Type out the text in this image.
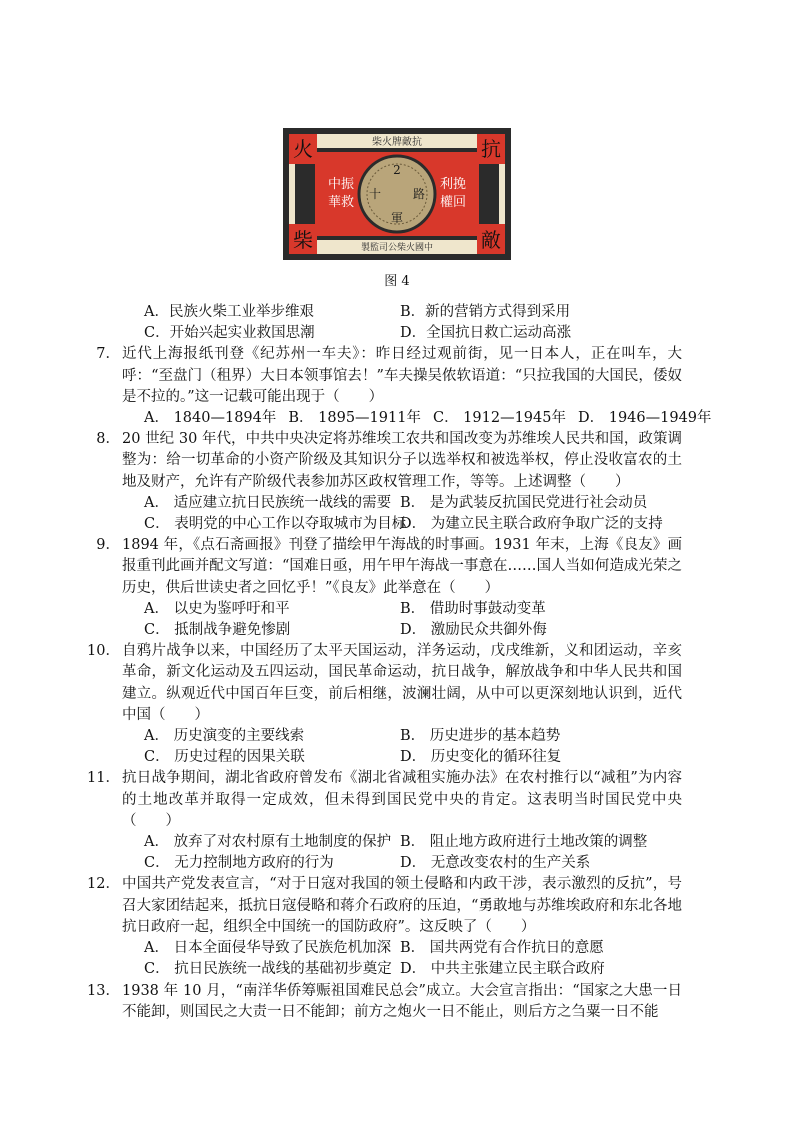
柴火牌敵抗
火	抗
柴	敵
中振
華救
利挽
權回
2
十	路
軍
製監司公柴火國中
图 4
A．民族火柴工业举步维艰	B．新的营销方式得到采用
C．开始兴起实业救国思潮	D．全国抗日救亡运动高涨
7． 近代上海报纸刊登《纪苏州一车夫》：昨日经过观前街，见一日本人，正在叫车，大呼：“至盘门（租界）大日本领事馆去！”车夫操吴侬软语道：“只拉我国的大国民，倭奴是不拉的。”这一记载可能出现于（　　）
A． 1840—1894年 B． 1895—1911年 C． 1912—1945年 D． 1946—1949年
8． 20 世纪 30 年代，中共中央决定将苏维埃工农共和国改变为苏维埃人民共和国，政策调整为：给一切革命的小资产阶级及其知识分子以选举权和被选举权，停止没收富农的土地及财产，允许有产阶级代表参加苏区政权管理工作，等等。上述调整（　　）
A． 适应建立抗日民族统一战线的需要 B． 是为武装反抗国民党进行社会动员
C． 表明党的中心工作以夺取城市为目标
D． 为建立民主联合政府争取广泛的支持
9． 1894 年，《点石斋画报》刊登了描绘甲午海战的时事画。1931 年末，上海《良友》画报重刊此画并配文写道：“国难日亟，用午甲午海战一事意在……国人当如何造成光荣之历史，供后世读史者之回忆乎！”《良友》此举意在（　　）
A． 以史为鉴呼吁和平	B． 借助时事鼓动变革
C． 抵制战争避免惨剧	D． 激励民众共御外侮
10． 自鸦片战争以来，中国经历了太平天国运动，洋务运动，戊戌维新，义和团运动，辛亥革命，新文化运动及五四运动，国民革命运动，抗日战争，解放战争和中华人民共和国建立。纵观近代中国百年巨变，前后相继，波澜壮阔，从中可以更深刻地认识到，近代中国（　　）
A． 历史演变的主要线索	B． 历史进步的基本趋势
C． 历史过程的因果关联	D． 历史变化的循环往复
11． 抗日战争期间，湖北省政府曾发布《湖北省减租实施办法》在农村推行以“减租”为内容的土地改革并取得一定成效，但未得到国民党中央的肯定。这表明当时国民党中央（　　）
A． 放弃了对农村原有土地制度的保护 B． 阻止地方政府进行土地改策的调整
C． 无力控制地方政府的行为	D． 无意改变农村的生产关系
12． 中国共产党发表宣言，“对于日寇对我国的领土侵略和内政干涉，表示激烈的反抗”，号召大家团结起来，抵抗日寇侵略和蒋介石政府的压迫，“勇敢地与苏维埃政府和东北各地抗日政府一起，组织全中国统一的国防政府”。这反映了（　　）
A． 日本全面侵华导致了民族危机加深 B． 国共两党有合作抗日的意愿
C． 抗日民族统一战线的基础初步奠定 D． 中共主张建立民主联合政府
13． 1938 年 10 月，“南洋华侨筹赈祖国难民总会”成立。大会宣言指出：“国家之大患一日不能卸，则国民之大责一日不能卸；前方之炮火一日不能止，则后方之刍粟一日不能
